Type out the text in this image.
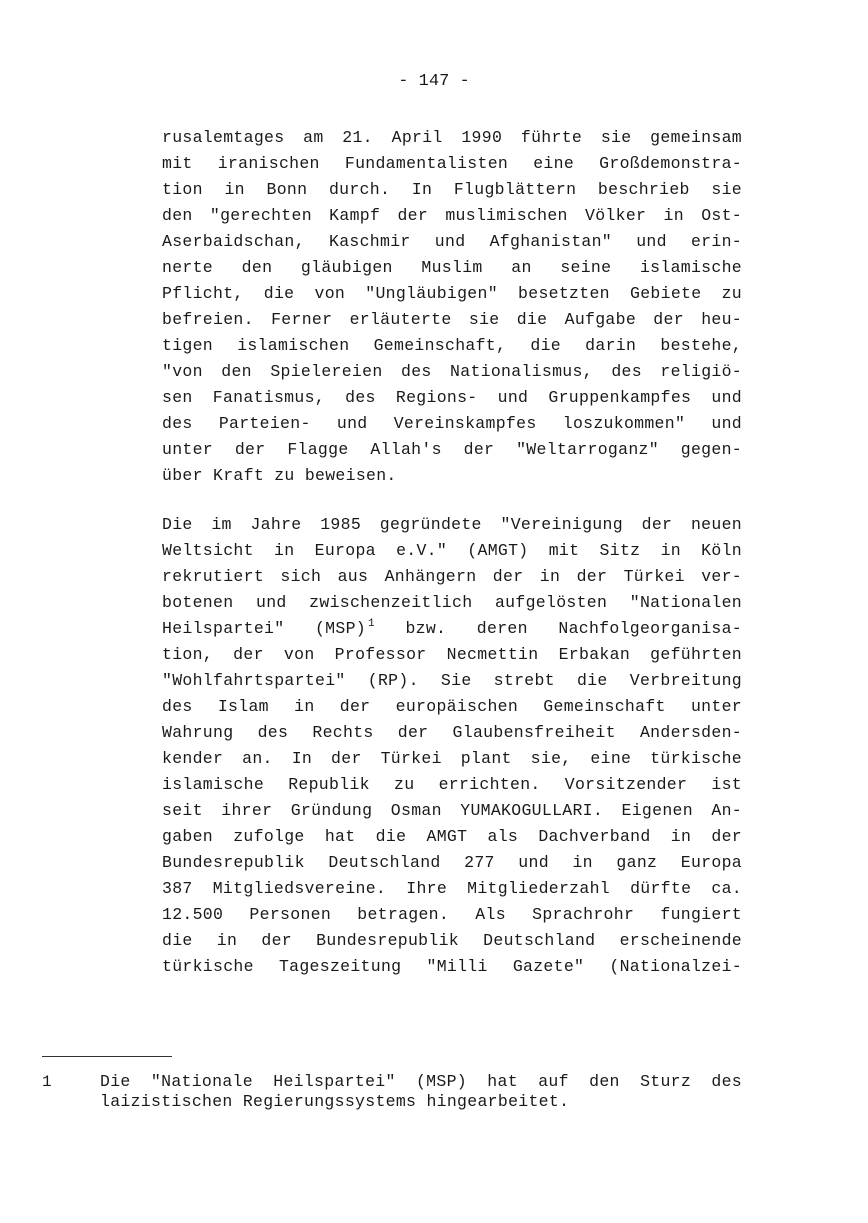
- 147 -
rusalemtages am 21. April 1990 führte sie gemeinsam
mit iranischen Fundamentalisten eine Großdemonstra-
tion in Bonn durch. In Flugblättern beschrieb sie
den "gerechten Kampf der muslimischen Völker in Ost-
Aserbaidschan, Kaschmir und Afghanistan" und erin-
nerte den gläubigen Muslim an seine islamische
Pflicht, die von "Ungläubigen" besetzten Gebiete zu
befreien. Ferner erläuterte sie die Aufgabe der heu-
tigen islamischen Gemeinschaft, die darin bestehe,
"von den Spielereien des Nationalismus, des religiö-
sen Fanatismus, des Regions- und Gruppenkampfes und
des Parteien- und Vereinskampfes loszukommen" und
unter der Flagge Allah's der "Weltarroganz" gegen-
über Kraft zu beweisen.
Die im Jahre 1985 gegründete "Vereinigung der neuen
Weltsicht in Europa e.V." (AMGT) mit Sitz in Köln
rekrutiert sich aus Anhängern der in der Türkei ver-
botenen und zwischenzeitlich aufgelösten "Nationalen
Heilspartei" (MSP) $^1$ bzw. deren Nachfolgeorganisa-
tion, der von Professor Necmettin Erbakan geführten
"Wohlfahrtspartei" (RP). Sie strebt die Verbreitung
des Islam in der europäischen Gemeinschaft unter
Wahrung des Rechts der Glaubensfreiheit Andersden-
kender an. In der Türkei plant sie, eine türkische
islamische Republik zu errichten. Vorsitzender ist
seit ihrer Gründung Osman YUMAKOGULLARI. Eigenen An-
gaben zufolge hat die AMGT als Dachverband in der
Bundesrepublik Deutschland 277 und in ganz Europa
387 Mitgliedsvereine. Ihre Mitgliederzahl dürfte ca.
12.500 Personen betragen. Als Sprachrohr fungiert
die in der Bundesrepublik Deutschland erscheinende
türkische Tageszeitung "Milli Gazete" (Nationalzei-
1	Die "Nationale Heilspartei" (MSP) hat auf den Sturz des
laizistischen Regierungssystems hingearbeitet.
